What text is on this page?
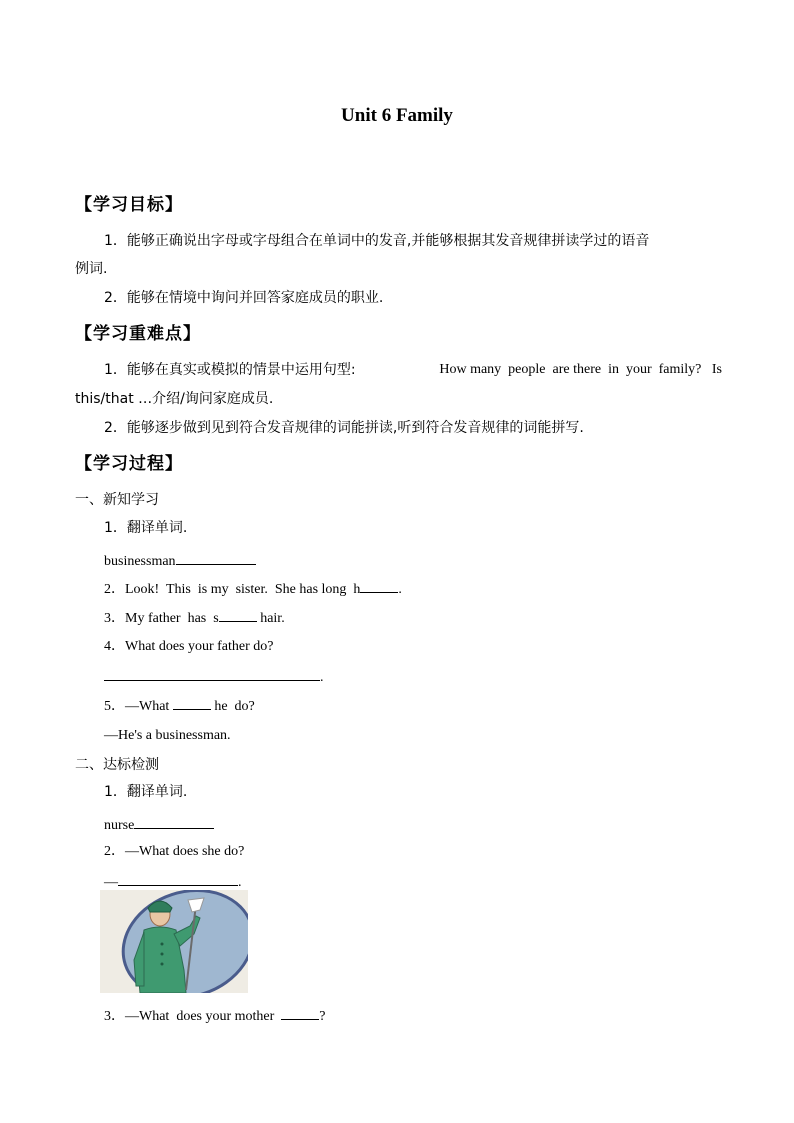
Unit 6 Family
【学习目标】
1．能够正确说出字母或字母组合在单词中的发音,并能够根据其发音规律拼读学过的语音
例词.
2．能够在情境中询问并回答家庭成员的职业.
【学习重难点】
1．能够在真实或模拟的情景中运用句型:	How many  people  are there  in  your  family?   Is
this/that …介绍/询问家庭成员.
2．能够逐步做到见到符合发音规律的词能拼读,听到符合发音规律的词能拼写.
【学习过程】
一、新知学习
1．翻译单词.
businessman
2．Look!  This  is my  sister.  She has long  h	.
3．My father  has  s	hair.
4．What does your father do?
.
5．—What	he  do?
—He's a businessman.
二、达标检测
1．翻译单词.
nurse
2．—What does she do?
—	.
3．—What  does your mother	?
